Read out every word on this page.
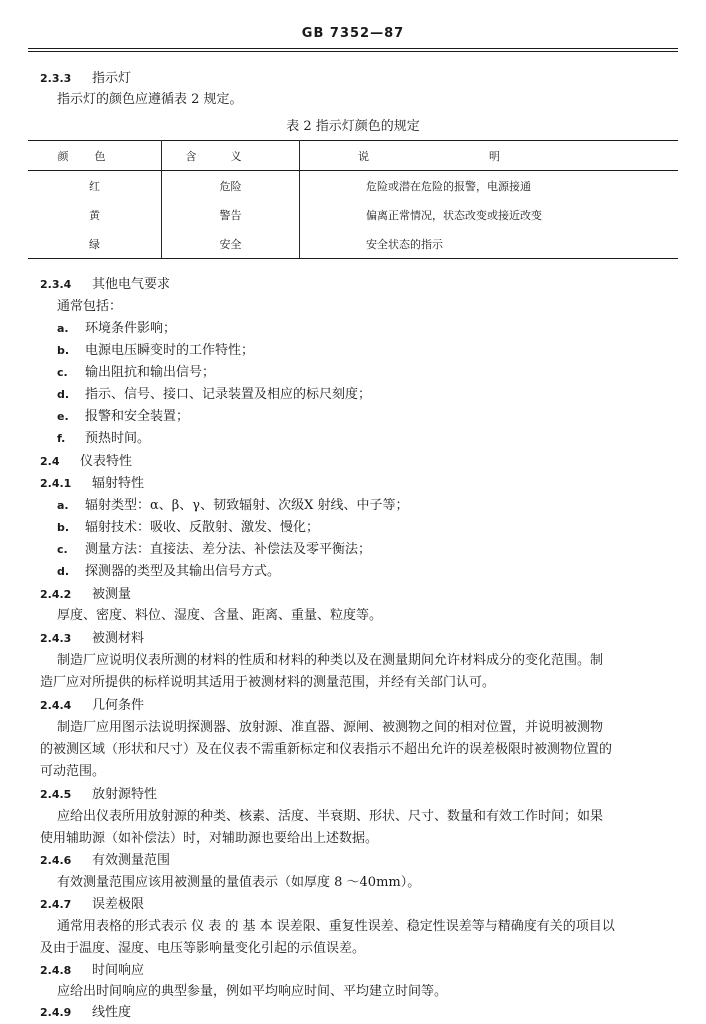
GB 7352—87
2.3.3 指示灯
指示灯的颜色应遵循表 2 规定。
表 2 指示灯颜色的规定
颜色	含义	说明
红	危险	危险或潜在危险的报警，电源接通
黄	警告	偏离正常情况，状态改变或接近改变
绿	安全	安全状态的指示
2.3.4 其他电气要求
通常包括：
a. 环境条件影响；
b. 电源电压瞬变时的工作特性；
c. 输出阻抗和输出信号；
d. 指示、信号、接口、记录装置及相应的标尺刻度；
e. 报警和安全装置；
f. 预热时间。
2.4 仪表特性
2.4.1 辐射特性
a. 辐射类型：α、β、γ、韧致辐射、次级X 射线、中子等；
b. 辐射技术：吸收、反散射、激发、慢化；
c. 测量方法：直接法、差分法、补偿法及零平衡法；
d. 探测器的类型及其输出信号方式。
2.4.2 被测量
厚度、密度、料位、湿度、含量、距离、重量、粒度等。
2.4.3 被测材料
制造厂应说明仪表所测的材料的性质和材料的种类以及在测量期间允许材料成分的变化范围。制
造厂应对所提供的标样说明其适用于被测材料的测量范围，并经有关部门认可。
2.4.4 几何条件
制造厂应用图示法说明探测器、放射源、准直器、源闸、被测物之间的相对位置，并说明被测物
的被测区域（形状和尺寸）及在仪表不需重新标定和仪表指示不超出允许的误差极限时被测物位置的
可动范围。
2.4.5 放射源特性
应给出仪表所用放射源的种类、核素、活度、半衰期、形状、尺寸、数量和有效工作时间；如果
使用辅助源（如补偿法）时，对辅助源也要给出上述数据。
2.4.6 有效测量范围
有效测量范围应该用被测量的量值表示（如厚度 8 ～40mm）。
2.4.7 误差极限
通常用表格的形式表示 仪 表 的 基 本 误差限、重复性误差、稳定性误差等与精确度有关的项目以
及由于温度、湿度、电压等影响量变化引起的示值误差。
2.4.8 时间响应
应给出时间响应的典型参量，例如平均响应时间、平均建立时间等。
2.4.9 线性度
